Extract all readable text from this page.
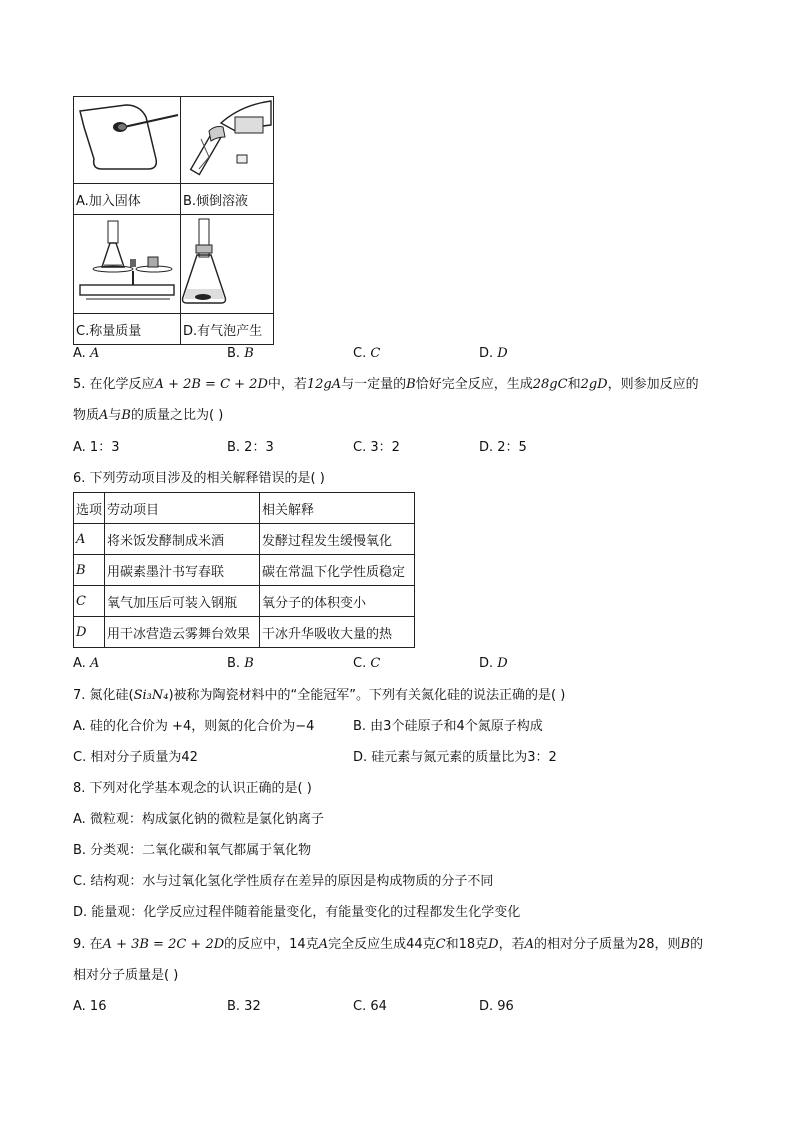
A.加入固体	B.倾倒溶液

C.称量质量	D.有气泡产生
A. A	B. B	C. C	D. D
5. 在化学反应A + 2B = C + 2D中，若12gA与一定量的B恰好完全反应，生成28gC和2gD，则参加反应的
物质A与B的质量之比为( )
A. 1：3	B. 2：3	C. 3：2	D. 2：5
6. 下列劳动项目涉及的相关解释错误的是( )
选项	劳动项目	相关解释
A	将米饭发酵制成米酒	发酵过程发生缓慢氧化
B	用碳素墨汁书写春联	碳在常温下化学性质稳定
C	氧气加压后可装入钢瓶	氧分子的体积变小
D	用干冰营造云雾舞台效果	干冰升华吸收大量的热
A. A	B. B	C. C	D. D
7. 氮化硅(Si₃N₄)被称为陶瓷材料中的“全能冠军”。下列有关氮化硅的说法正确的是( )
A. 硅的化合价为 +4，则氮的化合价为−4	B. 由3个硅原子和4个氮原子构成
C. 相对分子质量为42	D. 硅元素与氮元素的质量比为3：2
8. 下列对化学基本观念的认识正确的是( )
A. 微粒观：构成氯化钠的微粒是氯化钠离子
B. 分类观：二氧化碳和氧气都属于氧化物
C. 结构观：水与过氧化氢化学性质存在差异的原因是构成物质的分子不同
D. 能量观：化学反应过程伴随着能量变化，有能量变化的过程都发生化学变化
9. 在A + 3B = 2C + 2D的反应中，14克A完全反应生成44克C和18克D，若A的相对分子质量为28，则B的
相对分子质量是( )
A. 16	B. 32	C. 64	D. 96
